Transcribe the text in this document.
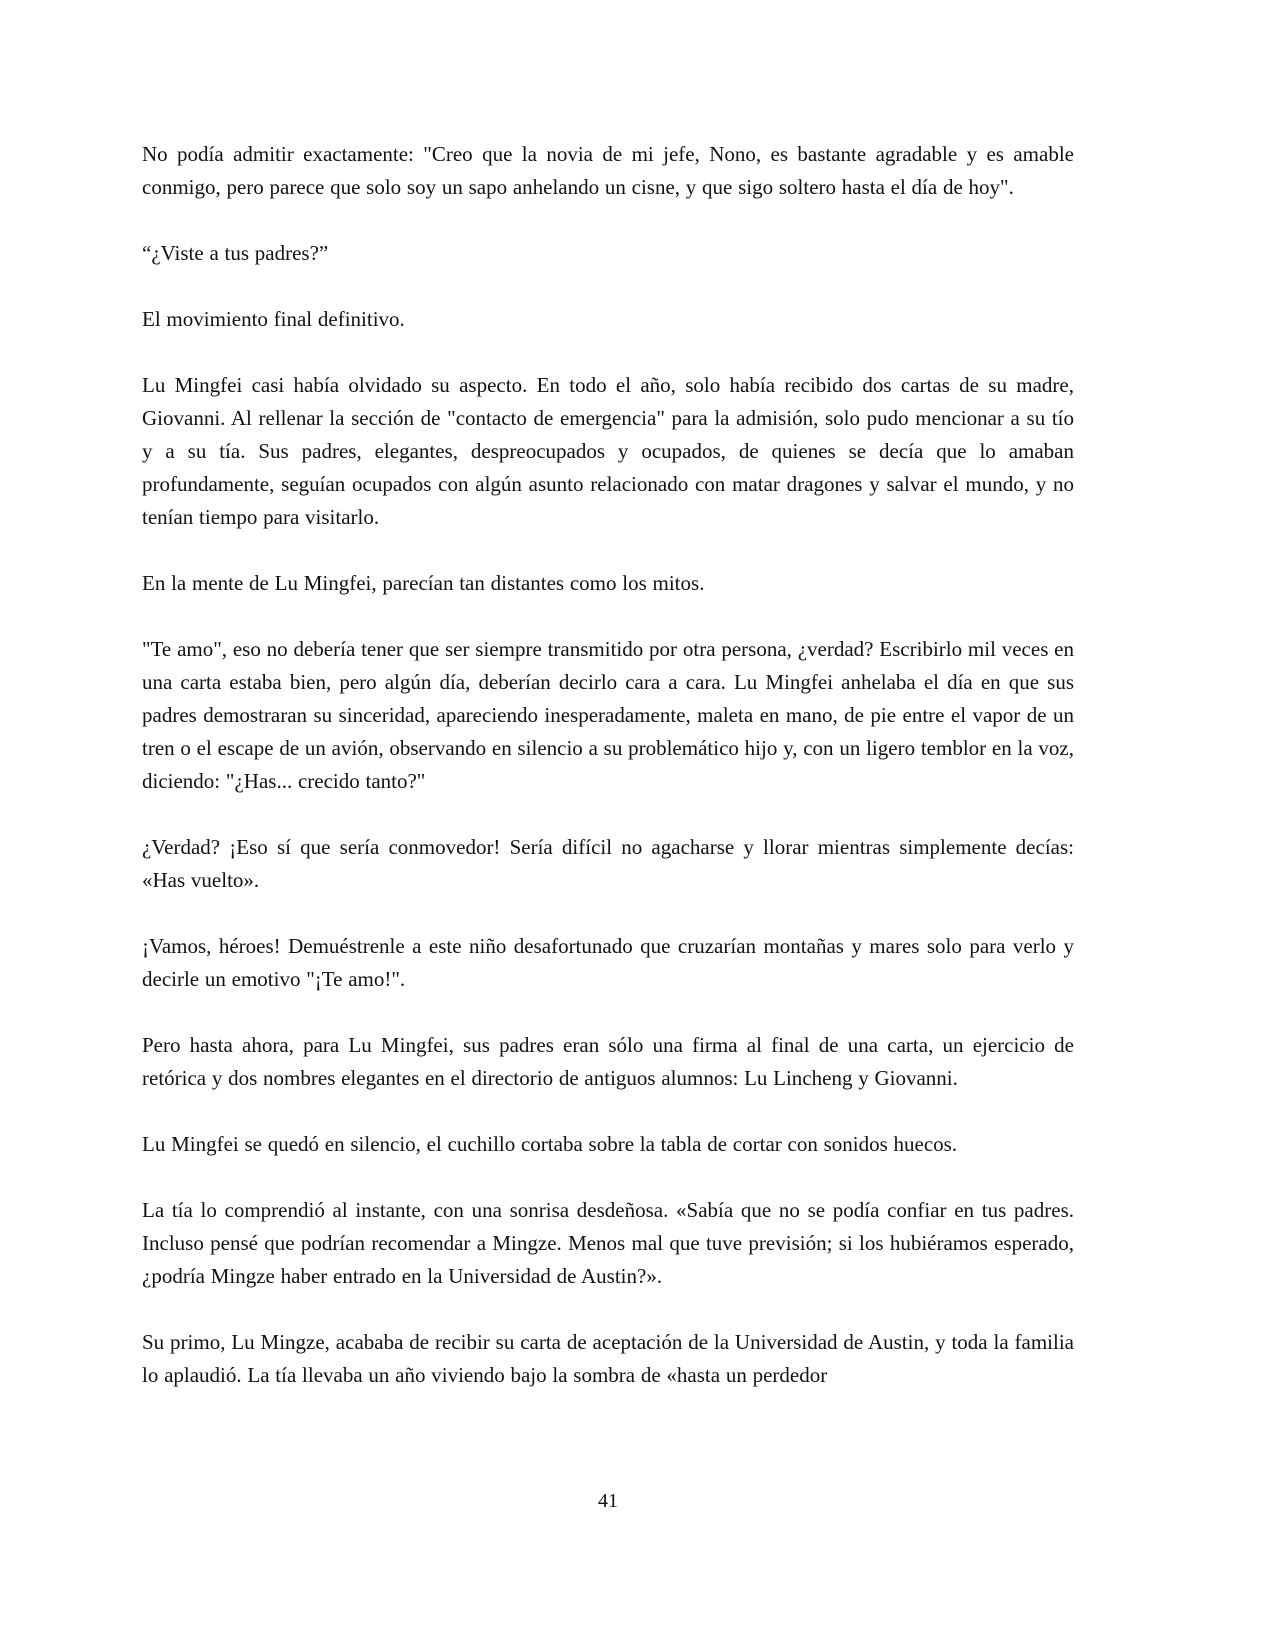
No podía admitir exactamente: "Creo que la novia de mi jefe, Nono, es bastante agradable y es amable conmigo, pero parece que solo soy un sapo anhelando un cisne, y que sigo soltero hasta el día de hoy".

“¿Viste a tus padres?”

El movimiento final definitivo.

Lu Mingfei casi había olvidado su aspecto. En todo el año, solo había recibido dos cartas de su madre, Giovanni. Al rellenar la sección de "contacto de emergencia" para la admisión, solo pudo mencionar a su tío y a su tía. Sus padres, elegantes, despreocupados y ocupados, de quienes se decía que lo amaban profundamente, seguían ocupados con algún asunto relacionado con matar dragones y salvar el mundo, y no tenían tiempo para visitarlo.

En la mente de Lu Mingfei, parecían tan distantes como los mitos.

"Te amo", eso no debería tener que ser siempre transmitido por otra persona, ¿verdad? Escribirlo mil veces en una carta estaba bien, pero algún día, deberían decirlo cara a cara. Lu Mingfei anhelaba el día en que sus padres demostraran su sinceridad, apareciendo inesperadamente, maleta en mano, de pie entre el vapor de un tren o el escape de un avión, observando en silencio a su problemático hijo y, con un ligero temblor en la voz, diciendo: "¿Has... crecido tanto?"

¿Verdad? ¡Eso sí que sería conmovedor! Sería difícil no agacharse y llorar mientras simplemente decías: «Has vuelto».

¡Vamos, héroes! Demuéstrenle a este niño desafortunado que cruzarían montañas y mares solo para verlo y decirle un emotivo "¡Te amo!".

Pero hasta ahora, para Lu Mingfei, sus padres eran sólo una firma al final de una carta, un ejercicio de retórica y dos nombres elegantes en el directorio de antiguos alumnos: Lu Lincheng y Giovanni.

Lu Mingfei se quedó en silencio, el cuchillo cortaba sobre la tabla de cortar con sonidos huecos.

La tía lo comprendió al instante, con una sonrisa desdeñosa. «Sabía que no se podía confiar en tus padres. Incluso pensé que podrían recomendar a Mingze. Menos mal que tuve previsión; si los hubiéramos esperado, ¿podría Mingze haber entrado en la Universidad de Austin?».

Su primo, Lu Mingze, acababa de recibir su carta de aceptación de la Universidad de Austin, y toda la familia lo aplaudió. La tía llevaba un año viviendo bajo la sombra de «hasta un perdedor

41
